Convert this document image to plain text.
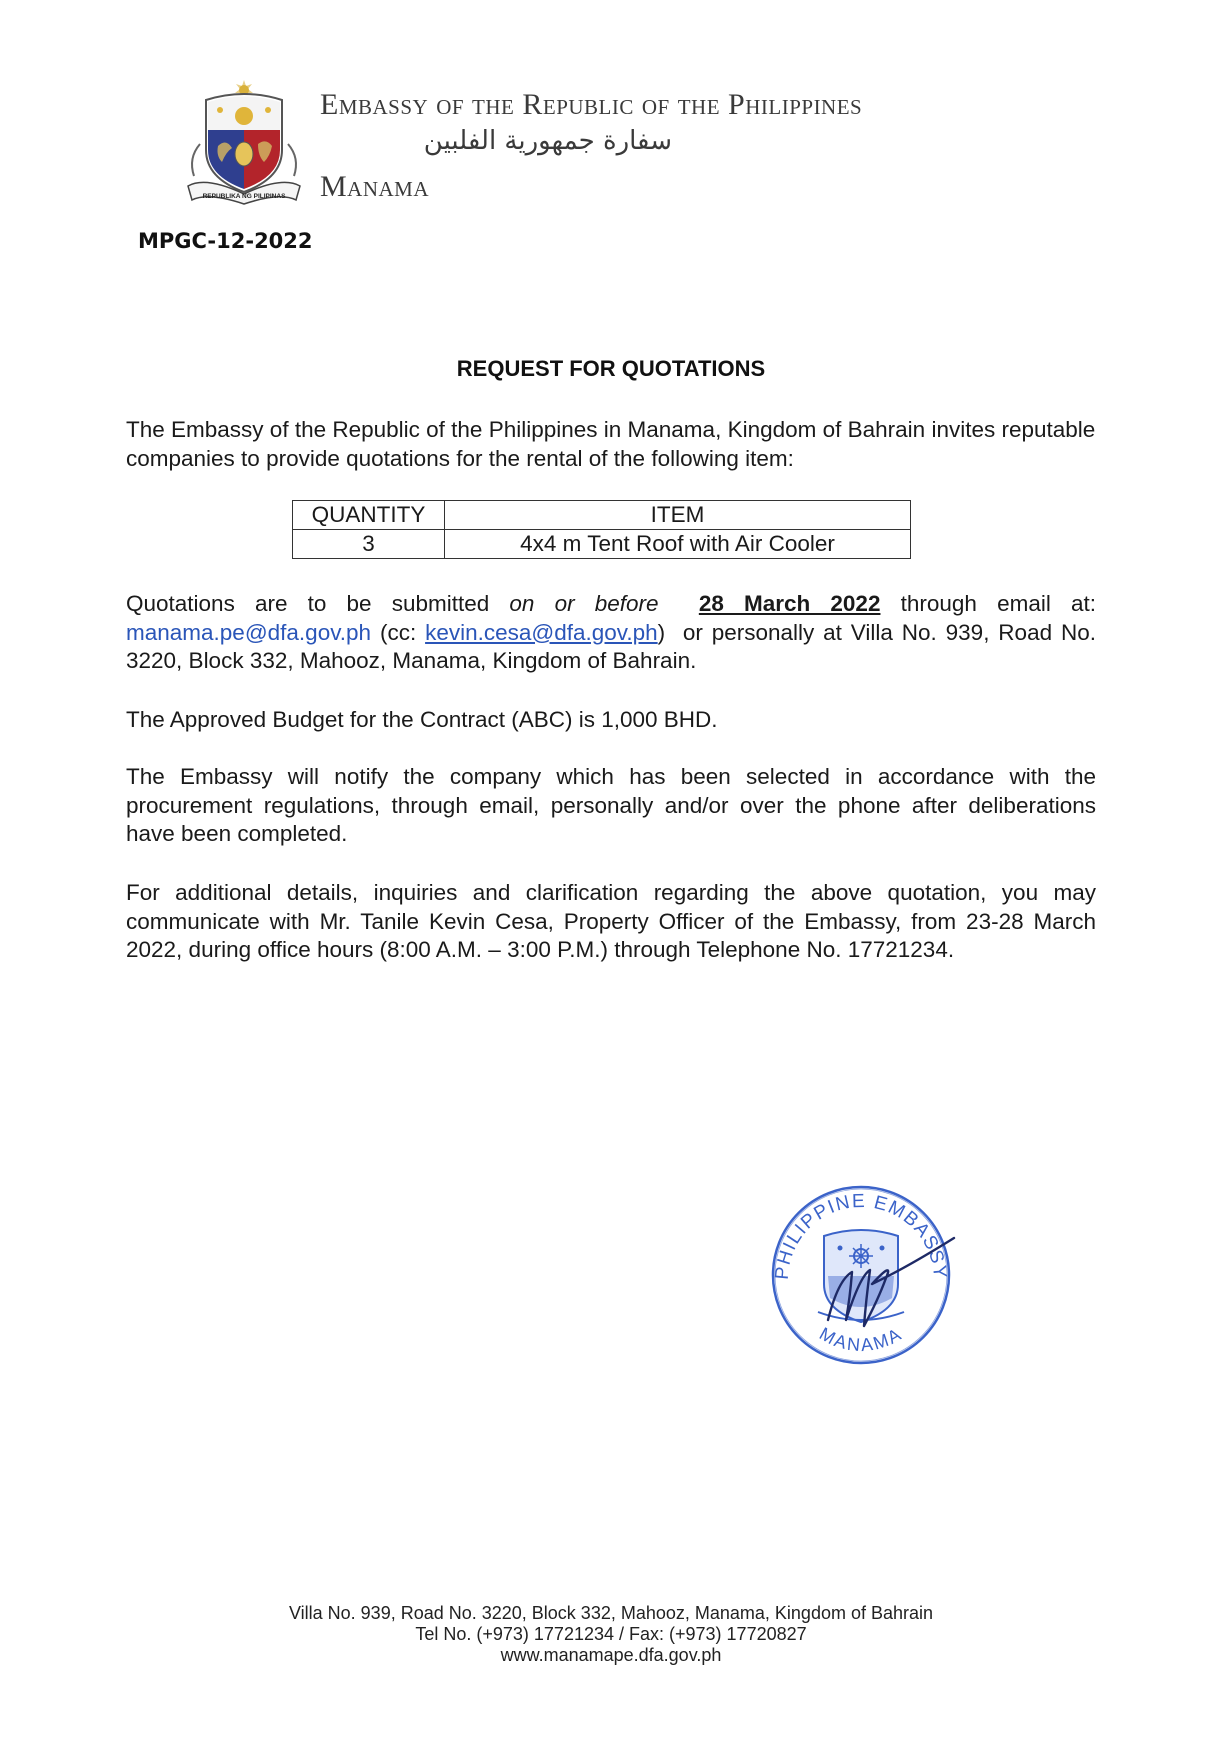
REPUBLIKA NG PILIPINAS
Embassy of the Republic of the Philippines
سفارة جمهورية الفلبين
Manama
MPGC-12-2022
REQUEST FOR QUOTATIONS
The Embassy of the Republic of the Philippines in Manama, Kingdom of Bahrain invites reputable companies to provide quotations for the rental of the following item:
QUANTITY	ITEM
3	4x4 m Tent Roof with Air Cooler
Quotations are to be submitted on or before 28 March 2022 through email at: manama.pe@dfa.gov.ph (cc: kevin.cesa@dfa.gov.ph) or personally at Villa No. 939, Road No. 3220, Block 332, Mahooz, Manama, Kingdom of Bahrain.
The Approved Budget for the Contract (ABC) is 1,000 BHD.
The Embassy will notify the company which has been selected in accordance with the procurement regulations, through email, personally and/or over the phone after deliberations have been completed.
For additional details, inquiries and clarification regarding the above quotation, you may communicate with Mr. Tanile Kevin Cesa, Property Officer of the Embassy, from 23-28 March 2022, during office hours (8:00 A.M. – 3:00 P.M.) through Telephone No. 17721234.
PHILIPPINE EMBASSY
MANAMA
Villa No. 939, Road No. 3220, Block 332, Mahooz, Manama, Kingdom of Bahrain
Tel No. (+973) 17721234 / Fax: (+973) 17720827
www.manamape.dfa.gov.ph
